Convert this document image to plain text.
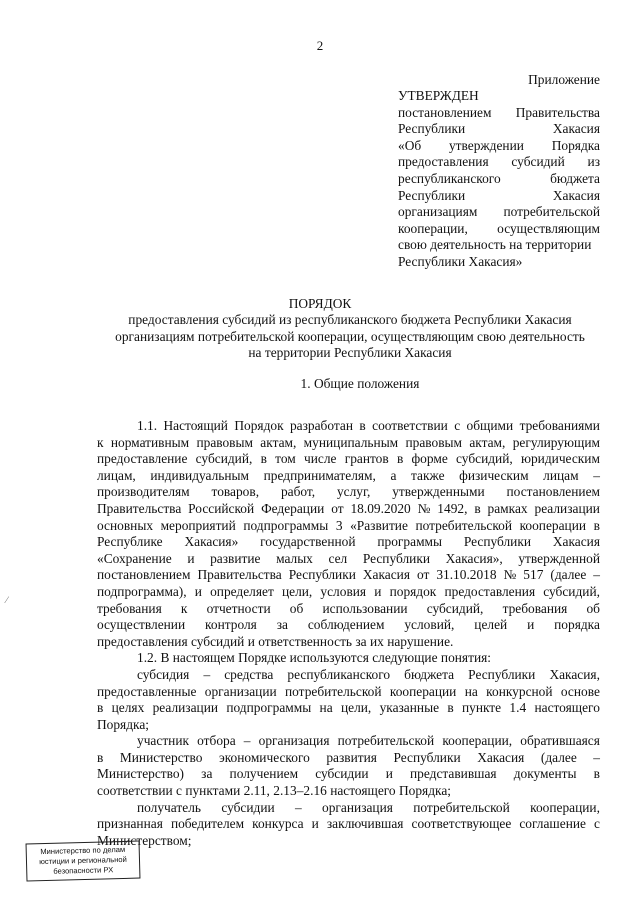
2
Приложение
УТВЕРЖДЕН
постановлением Правительства
Республики	Хакасия
«Об утверждении Порядка
предоставления субсидий из
республиканского	бюджета
Республики	Хакасия
организациям потребительской
кооперации, осуществляющим
свою деятельность на территории
Республики Хакасия»
ПОРЯДОК
предоставления субсидий из республиканского бюджета Республики Хакасия
организациям потребительской кооперации, осуществляющим свою деятельность
на территории Республики Хакасия
1. Общие положения
1.1. Настоящий Порядок разработан в соответствии с общими требованиями
к нормативным правовым актам, муниципальным правовым актам, регулирующим
предоставление субсидий, в том числе грантов в форме субсидий, юридическим
лицам, индивидуальным предпринимателям, а также физическим лицам –
производителям товаров, работ, услуг, утвержденными постановлением
Правительства Российской Федерации от 18.09.2020 № 1492, в рамках реализации
основных мероприятий подпрограммы 3 «Развитие потребительской кооперации в
Республике Хакасия» государственной программы Республики Хакасия
«Сохранение и развитие малых сел Республики Хакасия», утвержденной
постановлением Правительства Республики Хакасия от 31.10.2018 № 517 (далее –
подпрограмма), и определяет цели, условия и порядок предоставления субсидий,
требования к отчетности об использовании субсидий, требования об
осуществлении контроля за соблюдением условий, целей и порядка
предоставления субсидий и ответственность за их нарушение.
1.2. В настоящем Порядке используются следующие понятия:
субсидия – средства республиканского бюджета Республики Хакасия,
предоставленные организации потребительской кооперации на конкурсной основе
в целях реализации подпрограммы на цели, указанные в пункте 1.4 настоящего
Порядка;
участник отбора – организация потребительской кооперации, обратившаяся
в Министерство экономического развития Республики Хакасия (далее –
Министерство) за получением субсидии и представившая документы в
соответствии с пунктами 2.11, 2.13–2.16 настоящего Порядка;
получатель субсидии – организация потребительской кооперации,
признанная победителем конкурса и заключившая соответствующее соглашение с
Министерством;
⁄
Министерство по делам
юстиции и региональной
безопасности РХ
